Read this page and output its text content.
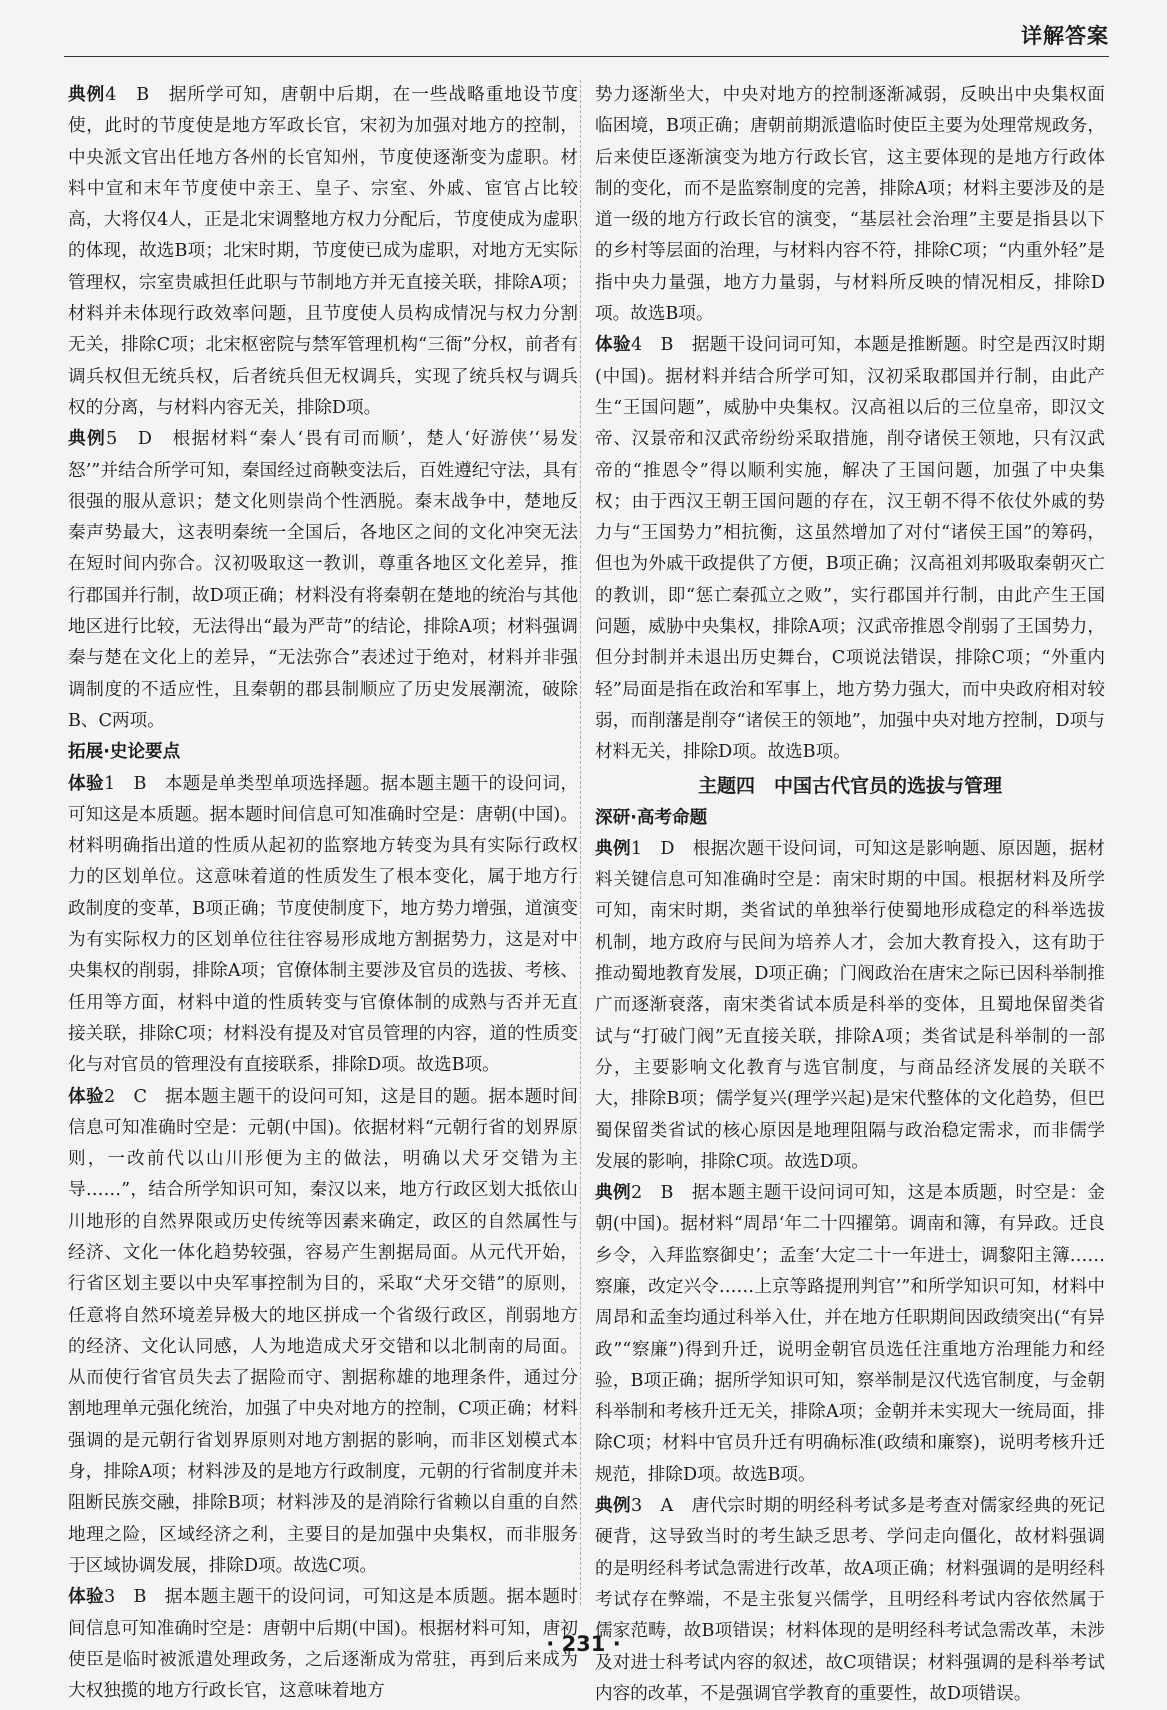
详解答案

典例4　B　据所学可知，唐朝中后期，在一些战略重地设节度使，此时的节度使是地方军政长官，宋初为加强对地方的控制，中央派文官出任地方各州的长官知州，节度使逐渐变为虚职。材料中宣和末年节度使中亲王、皇子、宗室、外戚、宦官占比较高，大将仅4人，正是北宋调整地方权力分配后，节度使成为虚职的体现，故选B项；北宋时期，节度使已成为虚职，对地方无实际管理权，宗室贵戚担任此职与节制地方并无直接关联，排除A项；材料并未体现行政效率问题，且节度使人员构成情况与权力分割无关，排除C项；北宋枢密院与禁军管理机构“三衙”分权，前者有调兵权但无统兵权，后者统兵但无权调兵，实现了统兵权与调兵权的分离，与材料内容无关，排除D项。

典例5　D　根据材料“秦人‘畏有司而顺’，楚人‘好游侠’‘易发怒’”并结合所学可知，秦国经过商鞅变法后，百姓遵纪守法，具有很强的服从意识；楚文化则崇尚个性洒脱。秦末战争中，楚地反秦声势最大，这表明秦统一全国后，各地区之间的文化冲突无法在短时间内弥合。汉初吸取这一教训，尊重各地区文化差异，推行郡国并行制，故D项正确；材料没有将秦朝在楚地的统治与其他地区进行比较，无法得出“最为严苛”的结论，排除A项；材料强调秦与楚在文化上的差异，“无法弥合”表述过于绝对，材料并非强调制度的不适应性，且秦朝的郡县制顺应了历史发展潮流，破除B、C两项。

拓展·史论要点

体验1　B　本题是单类型单项选择题。据本题主题干的设问词，可知这是本质题。据本题时间信息可知准确时空是：唐朝(中国)。材料明确指出道的性质从起初的监察地方转变为具有实际行政权力的区划单位。这意味着道的性质发生了根本变化，属于地方行政制度的变革，B项正确；节度使制度下，地方势力增强，道演变为有实际权力的区划单位往往容易形成地方割据势力，这是对中央集权的削弱，排除A项；官僚体制主要涉及官员的选拔、考核、任用等方面，材料中道的性质转变与官僚体制的成熟与否并无直接关联，排除C项；材料没有提及对官员管理的内容，道的性质变化与对官员的管理没有直接联系，排除D项。故选B项。

体验2　C　据本题主题干的设问可知，这是目的题。据本题时间信息可知准确时空是：元朝(中国)。依据材料“元朝行省的划界原则，一改前代以山川形便为主的做法，明确以犬牙交错为主导……”，结合所学知识可知，秦汉以来，地方行政区划大抵依山川地形的自然界限或历史传统等因素来确定，政区的自然属性与经济、文化一体化趋势较强，容易产生割据局面。从元代开始，行省区划主要以中央军事控制为目的，采取“犬牙交错”的原则，任意将自然环境差异极大的地区拼成一个省级行政区，削弱地方的经济、文化认同感，人为地造成犬牙交错和以北制南的局面。从而使行省官员失去了据险而守、割据称雄的地理条件，通过分割地理单元强化统治，加强了中央对地方的控制，C项正确；材料强调的是元朝行省划界原则对地方割据的影响，而非区划模式本身，排除A项；材料涉及的是地方行政制度，元朝的行省制度并未阻断民族交融，排除B项；材料涉及的是消除行省赖以自重的自然地理之险，区域经济之利，主要目的是加强中央集权，而非服务于区域协调发展，排除D项。故选C项。

体验3　B　据本题主题干的设问词，可知这是本质题。据本题时间信息可知准确时空是：唐朝中后期(中国)。根据材料可知，唐初使臣是临时被派遣处理政务，之后逐渐成为常驻，再到后来成为大权独揽的地方行政长官，这意味着地方

势力逐渐坐大，中央对地方的控制逐渐减弱，反映出中央集权面临困境，B项正确；唐朝前期派遣临时使臣主要为处理常规政务，后来使臣逐渐演变为地方行政长官，这主要体现的是地方行政体制的变化，而不是监察制度的完善，排除A项；材料主要涉及的是道一级的地方行政长官的演变，“基层社会治理”主要是指县以下的乡村等层面的治理，与材料内容不符，排除C项；“内重外轻”是指中央力量强，地方力量弱，与材料所反映的情况相反，排除D项。故选B项。

体验4　B　据题干设问词可知，本题是推断题。时空是西汉时期(中国)。据材料并结合所学可知，汉初采取郡国并行制，由此产生“王国问题”，威胁中央集权。汉高祖以后的三位皇帝，即汉文帝、汉景帝和汉武帝纷纷采取措施，削夺诸侯王领地，只有汉武帝的“推恩令”得以顺利实施，解决了王国问题，加强了中央集权；由于西汉王朝王国问题的存在，汉王朝不得不依仗外戚的势力与“王国势力”相抗衡，这虽然增加了对付“诸侯王国”的筹码，但也为外戚干政提供了方便，B项正确；汉高祖刘邦吸取秦朝灭亡的教训，即“惩亡秦孤立之败”，实行郡国并行制，由此产生王国问题，威胁中央集权，排除A项；汉武帝推恩令削弱了王国势力，但分封制并未退出历史舞台，C项说法错误，排除C项；“外重内轻”局面是指在政治和军事上，地方势力强大，而中央政府相对较弱，而削藩是削夺“诸侯王的领地”，加强中央对地方控制，D项与材料无关，排除D项。故选B项。

主题四　中国古代官员的选拔与管理

深研·高考命题

典例1　D　根据次题干设问词，可知这是影响题、原因题，据材料关键信息可知准确时空是：南宋时期的中国。根据材料及所学可知，南宋时期，类省试的单独举行使蜀地形成稳定的科举选拔机制，地方政府与民间为培养人才，会加大教育投入，这有助于推动蜀地教育发展，D项正确；门阀政治在唐宋之际已因科举制推广而逐渐衰落，南宋类省试本质是科举的变体，且蜀地保留类省试与“打破门阀”无直接关联，排除A项；类省试是科举制的一部分，主要影响文化教育与选官制度，与商品经济发展的关联不大，排除B项；儒学复兴(理学兴起)是宋代整体的文化趋势，但巴蜀保留类省试的核心原因是地理阻隔与政治稳定需求，而非儒学发展的影响，排除C项。故选D项。

典例2　B　据本题主题干设问词可知，这是本质题，时空是：金朝(中国)。据材料“周昂‘年二十四擢第。调南和簿，有异政。迁良乡令，入拜监察御史’；孟奎‘大定二十一年进士，调黎阳主簿……察廉，改定兴令……上京等路提刑判官’”和所学知识可知，材料中周昂和孟奎均通过科举入仕，并在地方任职期间因政绩突出(“有异政”“察廉”)得到升迁，说明金朝官员选任注重地方治理能力和经验，B项正确；据所学知识可知，察举制是汉代选官制度，与金朝科举制和考核升迁无关，排除A项；金朝并未实现大一统局面，排除C项；材料中官员升迁有明确标准(政绩和廉察)，说明考核升迁规范，排除D项。故选B项。

典例3　A　唐代宗时期的明经科考试多是考查对儒家经典的死记硬背，这导致当时的考生缺乏思考、学问走向僵化，故材料强调的是明经科考试急需进行改革，故A项正确；材料强调的是明经科考试存在弊端，不是主张复兴儒学，且明经科考试内容依然属于儒家范畴，故B项错误；材料体现的是明经科考试急需改革，未涉及对进士科考试内容的叙述，故C项错误；材料强调的是科举考试内容的改革，不是强调官学教育的重要性，故D项错误。

· 231 ·
